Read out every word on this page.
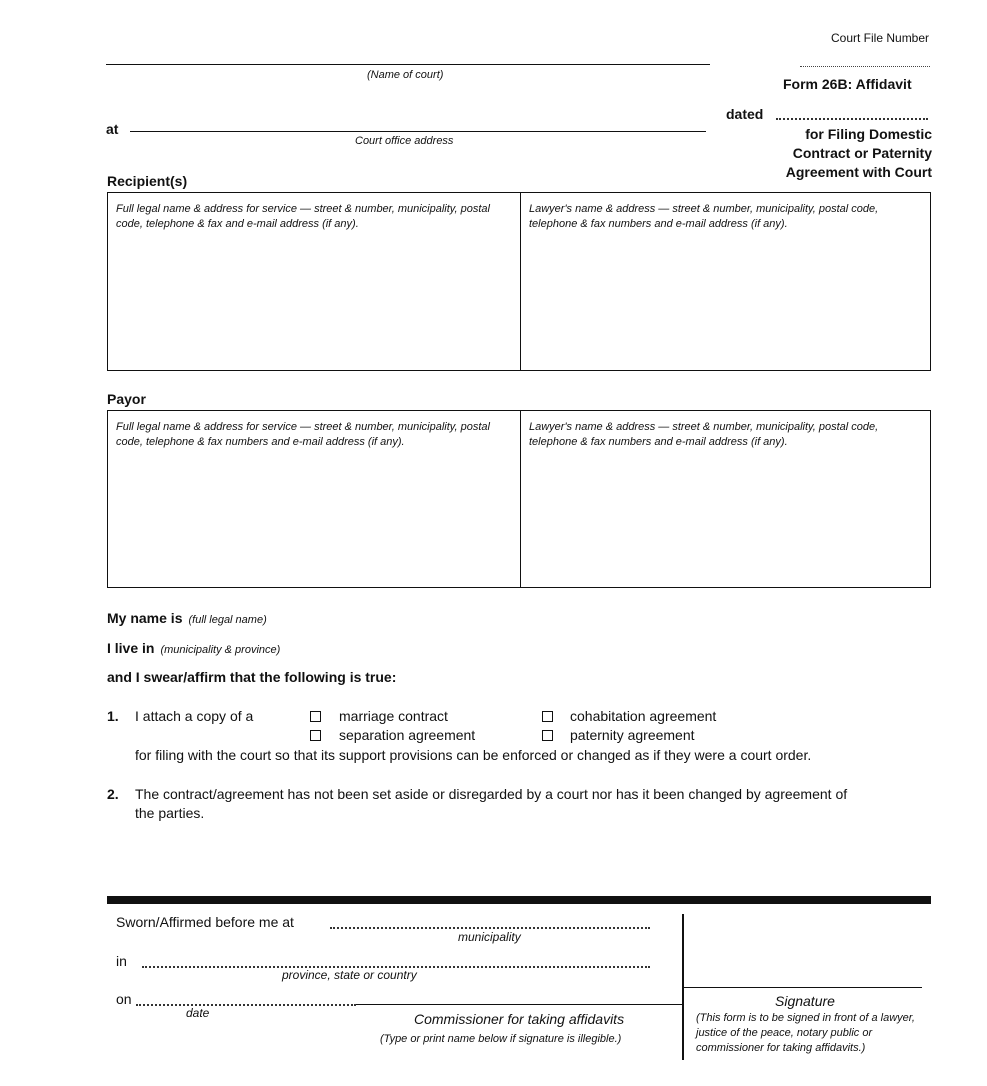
Court File Number
(Name of court)
at
Court office address
Form 26B: Affidavit
dated
for Filing Domestic
Contract or Paternity
Agreement with Court
Recipient(s)
Full legal name & address for service — street & number, municipality, postal code, telephone & fax and e-mail address (if any).
Lawyer's name & address — street & number, municipality, postal code, telephone & fax numbers and e-mail address (if any).
Payor
Full legal name & address for service — street & number, municipality, postal code, telephone & fax numbers and e-mail address (if any).
Lawyer's name & address — street & number, municipality, postal code, telephone & fax numbers and e-mail address (if any).
My name is (full legal name)
I live in (municipality & province)
and I swear/affirm that the following is true:
1. I attach a copy of a	marriage contract	cohabitation agreement
separation agreement	paternity agreement
for filing with the court so that its support provisions can be enforced or changed as if they were a court order.
2. The contract/agreement has not been set aside or disregarded by a court nor has it been changed by agreement of
the parties.
Sworn/Affirmed before me at
municipality
in
province, state or country
on
date	Commissioner for taking affidavits
(Type or print name below if signature is illegible.)
Signature
(This form is to be signed in front of a lawyer, justice of the peace, notary public or commissioner for taking affidavits.)
